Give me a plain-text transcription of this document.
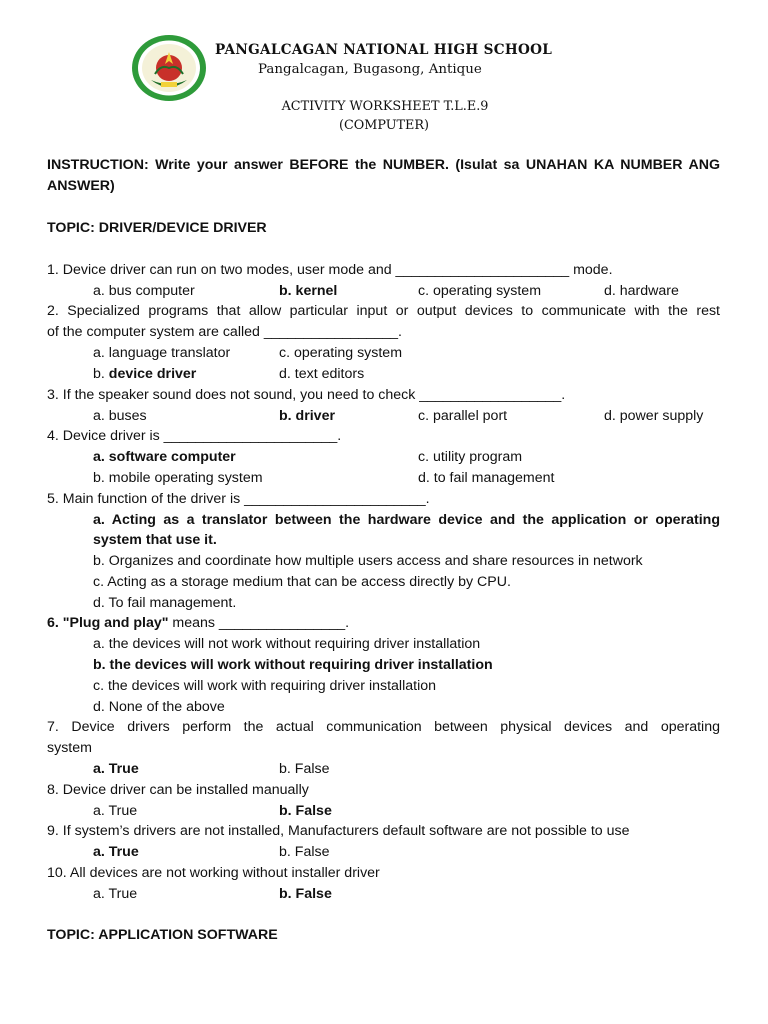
PANGALCAGAN NATIONAL HIGH SCHOOL
Pangalcagan, Bugasong, Antique
ACTIVITY WORKSHEET T.L.E.9
(COMPUTER)
INSTRUCTION: Write your answer BEFORE the NUMBER. (Isulat sa UNAHAN KA NUMBER ANG
ANSWER)
TOPIC: DRIVER/DEVICE DRIVER
1. Device driver can run on two modes, user mode and ______________________ mode.
a. bus computer	b. kernel	c. operating system	d. hardware
2. Specialized programs that allow particular input or output devices to communicate with the rest
of the computer system are called _________________.
a. language translator	c. operating system
b. device driver	d. text editors
3. If the speaker sound does not sound, you need to check __________________.
a. buses	b. driver	c. parallel port	d. power supply
4. Device driver is ______________________.
a. software computer	c. utility program
b. mobile operating system	d. to fail management
5. Main function of the driver is _______________________.
a. Acting as a translator between the hardware device and the application or operating
system that use it.
b. Organizes and coordinate how multiple users access and share resources in network
c. Acting as a storage medium that can be access directly by CPU.
d. To fail management.
6. "Plug and play" means ________________.
a. the devices will not work without requiring driver installation
b. the devices will work without requiring driver installation
c. the devices will work with requiring driver installation
d. None of the above
7. Device drivers perform the actual communication between physical devices and operating
system
a. True	b. False
8. Device driver can be installed manually
a. True	b. False
9. If system’s drivers are not installed, Manufacturers default software are not possible to use
a. True	b. False
10. All devices are not working without installer driver
a. True	b. False
TOPIC: APPLICATION SOFTWARE
